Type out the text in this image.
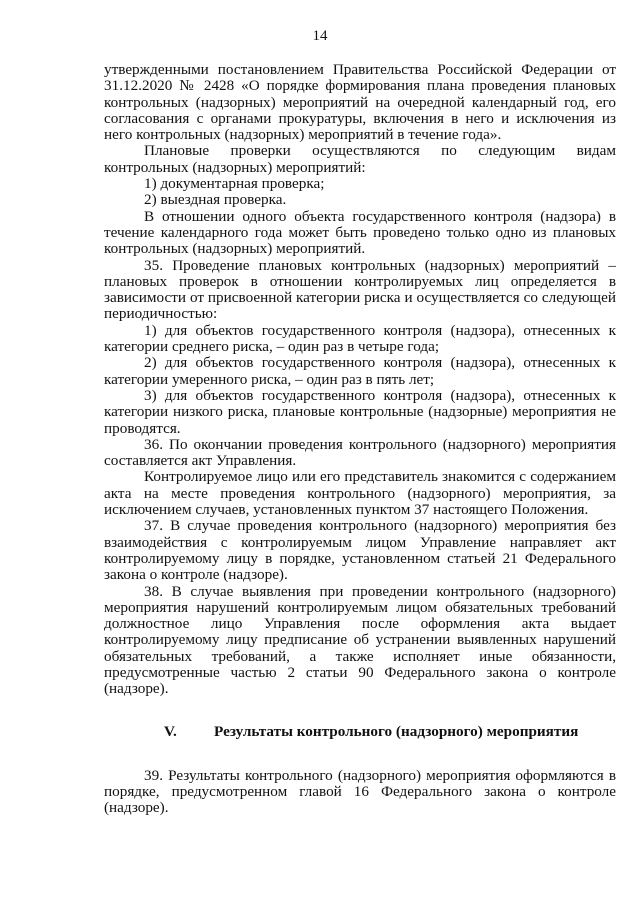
14

утвержденными постановлением Правительства Российской Федерации от 31.12.2020 № 2428 «О порядке формирования плана проведения плановых контрольных (надзорных) мероприятий на очередной календарный год, его согласования с органами прокуратуры, включения в него и исключения из него контрольных (надзорных) мероприятий в течение года».

Плановые проверки осуществляются по следующим видам контрольных (надзорных) мероприятий:

1) документарная проверка;

2) выездная проверка.

В отношении одного объекта государственного контроля (надзора) в течение календарного года может быть проведено только одно из плановых контрольных (надзорных) мероприятий.

35. Проведение плановых контрольных (надзорных) мероприятий – плановых проверок в отношении контролируемых лиц определяется в зависимости от присвоенной категории риска и осуществляется со следующей периодичностью:

1) для объектов государственного контроля (надзора), отнесенных к категории среднего риска, – один раз в четыре года;

2) для объектов государственного контроля (надзора), отнесенных к категории умеренного риска, – один раз в пять лет;

3) для объектов государственного контроля (надзора), отнесенных к категории низкого риска, плановые контрольные (надзорные) мероприятия не проводятся.

36. По окончании проведения контрольного (надзорного) мероприятия составляется акт Управления.

Контролируемое лицо или его представитель знакомится с содержанием акта на месте проведения контрольного (надзорного) мероприятия, за исключением случаев, установленных пунктом 37 настоящего Положения.

37. В случае проведения контрольного (надзорного) мероприятия без взаимодействия с контролируемым лицом Управление направляет акт контролируемому лицу в порядке, установленном статьей 21 Федерального закона о контроле (надзоре).

38. В случае выявления при проведении контрольного (надзорного) мероприятия нарушений контролируемым лицом обязательных требований должностное лицо Управления после оформления акта выдает контролируемому лицу предписание об устранении выявленных нарушений обязательных требований, а также исполняет иные обязанности, предусмотренные частью 2 статьи 90 Федерального закона о контроле (надзоре).

V. Результаты контрольного (надзорного) мероприятия

39. Результаты контрольного (надзорного) мероприятия оформляются в порядке, предусмотренном главой 16 Федерального закона о контроле (надзоре).
